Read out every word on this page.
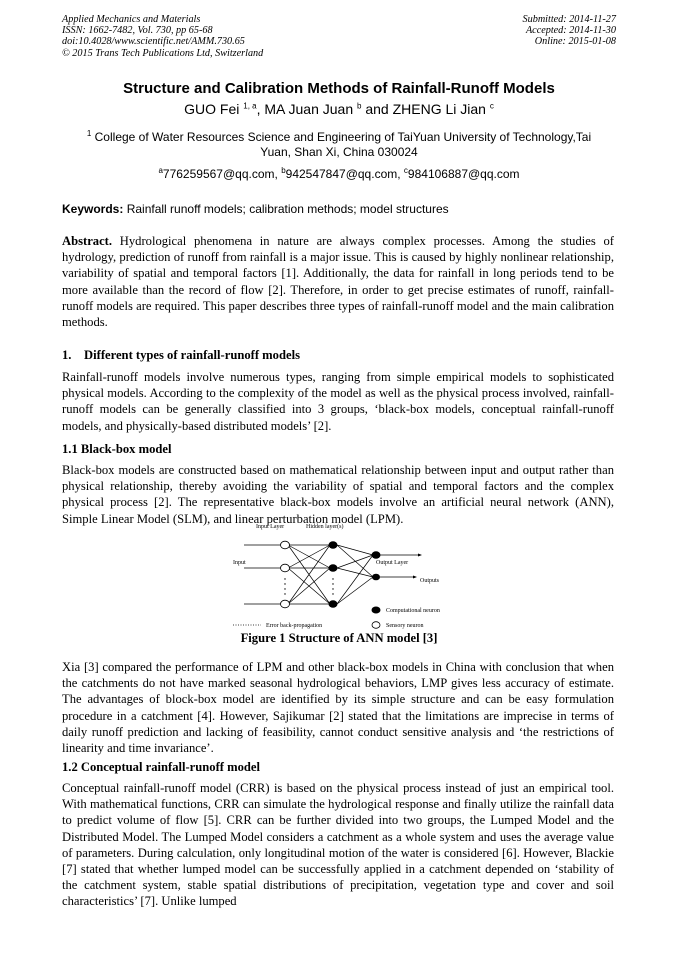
Applied Mechanics and Materials
ISSN: 1662-7482, Vol. 730, pp 65-68
doi:10.4028/www.scientific.net/AMM.730.65
© 2015 Trans Tech Publications Ltd, Switzerland
Submitted: 2014-11-27
Accepted: 2014-11-30
Online: 2015-01-08
Structure and Calibration Methods of Rainfall-Runoff Models
GUO Fei $^{1, a}$, MA Juan Juan $^b$ and ZHENG Li Jian $^c$
$^1$ College of Water Resources Science and Engineering of TaiYuan University of Technology,Tai Yuan, Shan Xi, China 030024
$^a$776259567@qq.com, $^b$942547847@qq.com, $^c$984106887@qq.com
Keywords: Rainfall runoff models; calibration methods; model structures
Abstract. Hydrological phenomena in nature are always complex processes. Among the studies of hydrology, prediction of runoff from rainfall is a major issue. This is caused by highly nonlinear relationship, variability of spatial and temporal factors [1]. Additionally, the data for rainfall in long periods tend to be more available than the record of flow [2]. Therefore, in order to get precise estimates of runoff, rainfall-runoff models are required. This paper describes three types of rainfall-runoff model and the main calibration methods.
1.    Different types of rainfall-runoff models
Rainfall-runoff models involve numerous types, ranging from simple empirical models to sophisticated physical models. According to the complexity of the model as well as the physical process involved, rainfall-runoff models can be generally classified into 3 groups, ‘black-box models, conceptual rainfall-runoff models, and physically-based distributed models’ [2].
1.1 Black-box model
Black-box models are constructed based on mathematical relationship between input and output rather than physical relationship, thereby avoiding the variability of spatial and temporal factors and the complex physical process [2]. The representative black-box models involve an artificial neural network (ANN), Simple Linear Model (SLM), and linear perturbation model (LPM).
Input Layer	Hidden layer(s)
Input	Output Layer
Outputs
Computational neuron
Error back-propagation	Sensory neuron
Figure 1 Structure of ANN model [3]
Xia [3] compared the performance of LPM and other black-box models in China with conclusion that when the catchments do not have marked seasonal hydrological behaviors, LMP gives less accuracy of estimate. The advantages of block-box model are identified by its simple structure and can be easy formulation procedure in a catchment [4]. However, Sajikumar [2] stated that the limitations are imprecise in terms of daily runoff prediction and lacking of feasibility, cannot conduct sensitive analysis and ‘the restrictions of linearity and time invariance’.
1.2 Conceptual rainfall-runoff model
Conceptual rainfall-runoff model (CRR) is based on the physical process instead of just an empirical tool. With mathematical functions, CRR can simulate the hydrological response and finally utilize the rainfall data to predict volume of flow [5]. CRR can be further divided into two groups, the Lumped Model and the Distributed Model. The Lumped Model considers a catchment as a whole system and uses the average value of parameters. During calculation, only longitudinal motion of the water is considered [6]. However, Blackie [7] stated that whether lumped model can be successfully applied in a catchment depended on ‘stability of the catchment system, stable spatial distributions of precipitation, vegetation type and cover and soil characteristics’ [7]. Unlike lumped
